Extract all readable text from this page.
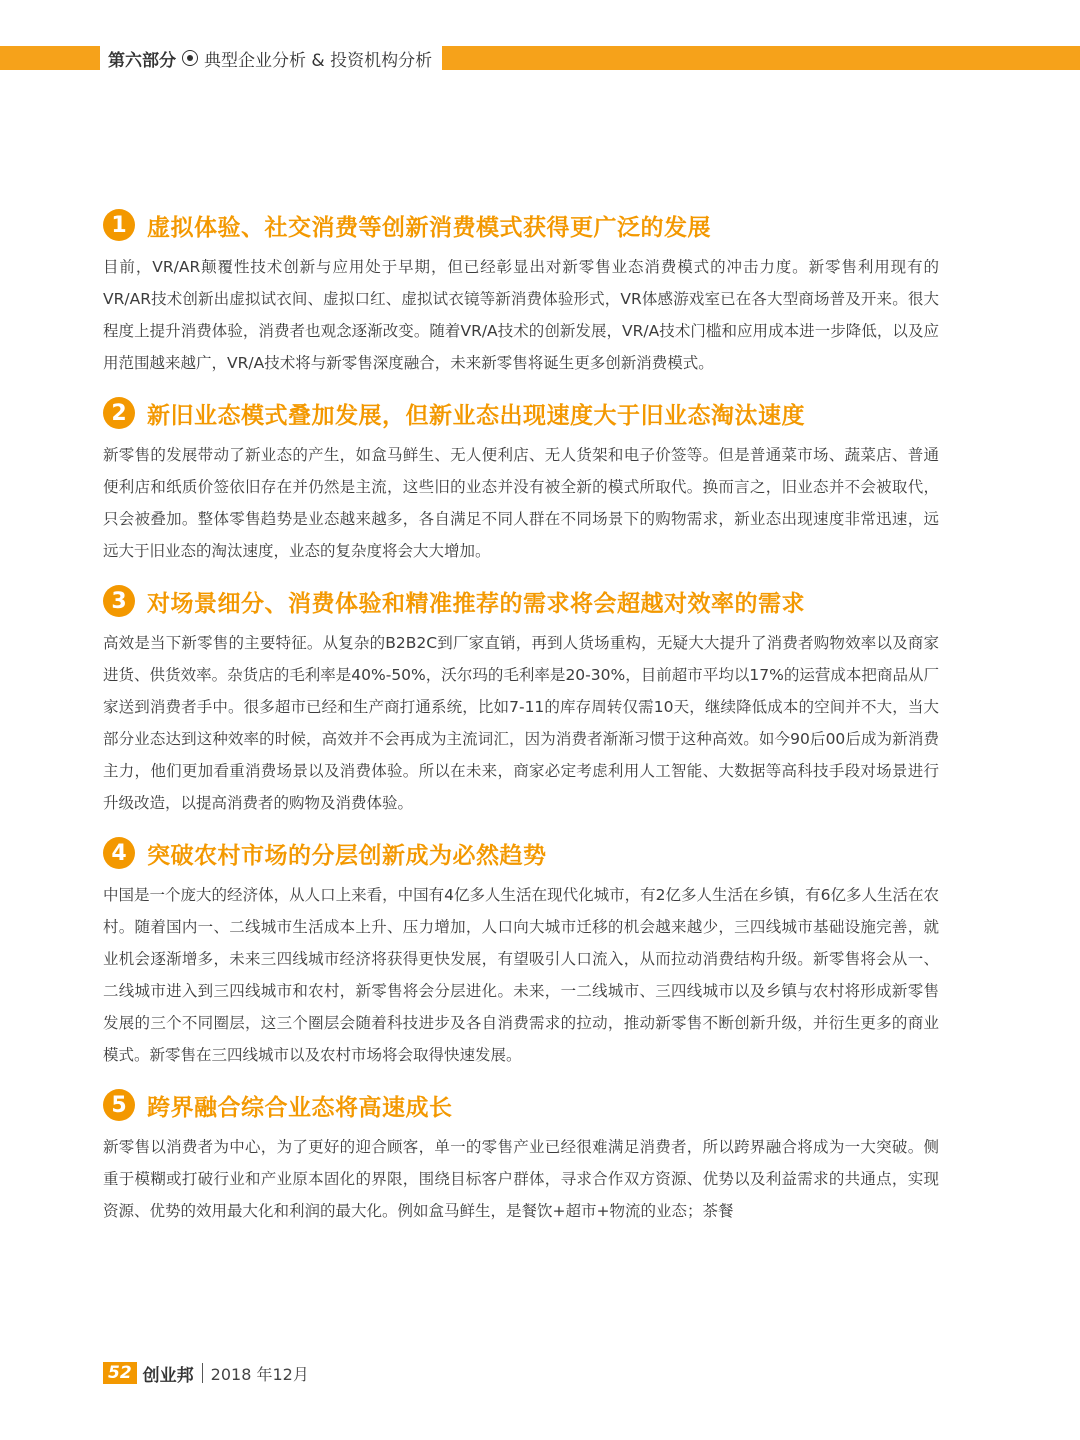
第六部分 典型企业分析 & 投资机构分析
1 虚拟体验、社交消费等创新消费模式获得更广泛的发展

目前，VR/AR颠覆性技术创新与应用处于早期，但已经彰显出对新零售业态消费模式的冲击力度。新零售利用现有的VR/AR技术创新出虚拟试衣间、虚拟口红、虚拟试衣镜等新消费体验形式，VR体感游戏室已在各大型商场普及开来。很大程度上提升消费体验，消费者也观念逐渐改变。随着VR/A技术的创新发展，VR/A技术门槛和应用成本进一步降低，以及应用范围越来越广，VR/A技术将与新零售深度融合，未来新零售将诞生更多创新消费模式。

2 新旧业态模式叠加发展，但新业态出现速度大于旧业态淘汰速度

新零售的发展带动了新业态的产生，如盒马鲜生、无人便利店、无人货架和电子价签等。但是普通菜市场、蔬菜店、普通便利店和纸质价签依旧存在并仍然是主流，这些旧的业态并没有被全新的模式所取代。换而言之，旧业态并不会被取代，只会被叠加。整体零售趋势是业态越来越多，各自满足不同人群在不同场景下的购物需求，新业态出现速度非常迅速，远远大于旧业态的淘汰速度，业态的复杂度将会大大增加。

3 对场景细分、消费体验和精准推荐的需求将会超越对效率的需求

高效是当下新零售的主要特征。从复杂的B2B2C到厂家直销，再到人货场重构，无疑大大提升了消费者购物效率以及商家进货、供货效率。杂货店的毛利率是40%-50%，沃尔玛的毛利率是20-30%，目前超市平均以17%的运营成本把商品从厂家送到消费者手中。很多超市已经和生产商打通系统，比如7-11的库存周转仅需10天，继续降低成本的空间并不大，当大部分业态达到这种效率的时候，高效并不会再成为主流词汇，因为消费者渐渐习惯于这种高效。如今90后00后成为新消费主力，他们更加看重消费场景以及消费体验。所以在未来，商家必定考虑利用人工智能、大数据等高科技手段对场景进行升级改造，以提高消费者的购物及消费体验。

4 突破农村市场的分层创新成为必然趋势

中国是一个庞大的经济体，从人口上来看，中国有4亿多人生活在现代化城市，有2亿多人生活在乡镇，有6亿多人生活在农村。随着国内一、二线城市生活成本上升、压力增加，人口向大城市迁移的机会越来越少，三四线城市基础设施完善，就业机会逐渐增多，未来三四线城市经济将获得更快发展，有望吸引人口流入，从而拉动消费结构升级。新零售将会从一、二线城市进入到三四线城市和农村，新零售将会分层进化。未来，一二线城市、三四线城市以及乡镇与农村将形成新零售发展的三个不同圈层，这三个圈层会随着科技进步及各自消费需求的拉动，推动新零售不断创新升级，并衍生更多的商业模式。新零售在三四线城市以及农村市场将会取得快速发展。

5 跨界融合综合业态将高速成长

新零售以消费者为中心，为了更好的迎合顾客，单一的零售产业已经很难满足消费者，所以跨界融合将成为一大突破。侧重于模糊或打破行业和产业原本固化的界限，围绕目标客户群体，寻求合作双方资源、优势以及利益需求的共通点，实现资源、优势的效用最大化和利润的最大化。例如盒马鲜生，是餐饮+超市+物流的业态；茶餐

52 创业邦 2018 年12月
